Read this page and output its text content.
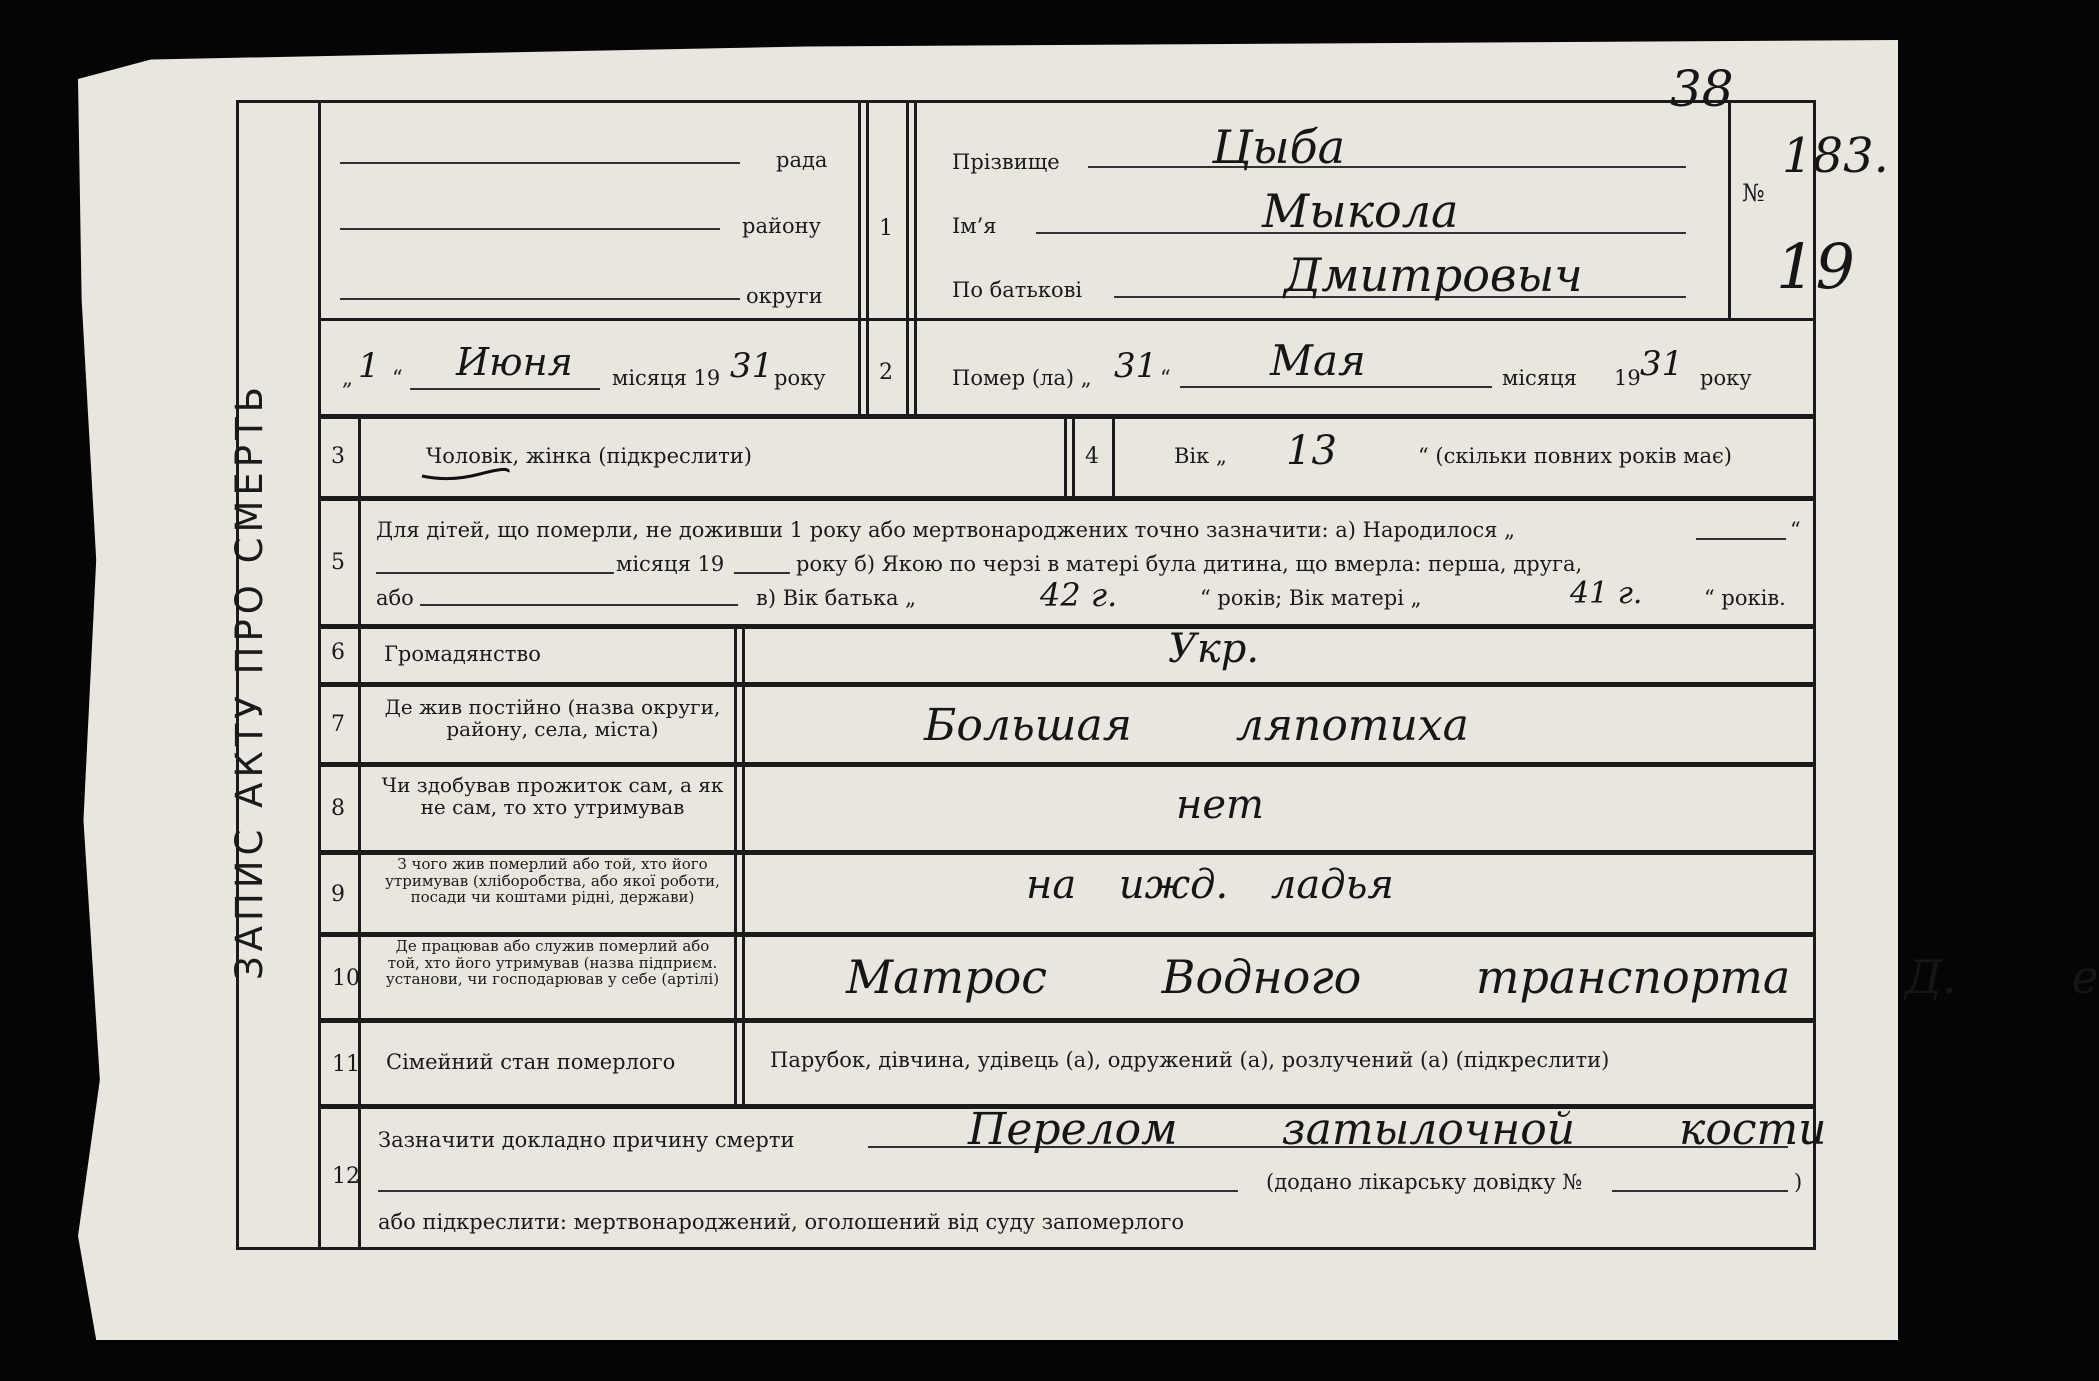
ЗАПИС АКТУ ПРО СМЕРТЬ
38
№
183.
19
рада
району
округи
„ 1 “ Июня місяця 19 31 року
1
Прізвище	Цыба
Ім’я	Мыкола
По батькові	Дмитровыч
2	Помер (ла) „ 31 “ Мая	місяця 19 31 року
3	Чоловік, жінка (підкреслити)	4	Вік „ 13	“ (скільки повних років має)
5
Для дітей, що померли, не доживши 1 року або мертвонароджених точно зазначити: а) Народилося „	“
місяця 19	року б) Якою по черзі в матері була дитина, що вмерла: перша, друга,
або	в) Вік батька „	42 г.	“ років; Вік матері „	41 г.	“ років.
6	Громадянство	Укр.
7
Де жив постійно (назва округи, району, села, міста)	Большая ляпотиха
8
Чи здобував прожиток сам, а як не сам, то хто утримував	нет
9
З чого жив померлий або той, хто його утримував (хліборобства, або якої роботи, посади чи коштами рідні, держави)	на ижд. ладья
10
Де працював або служив померлий або той, хто його утримував (назва підприєм. установи, чи господарював у себе (артілі)	Матрос Водного транспорта Д. е
11 Сімейний стан померлого	Парубок, дівчина, удівець (а), одружений (а), розлучений (а) (підкреслити)
12
Зазначити докладно причину смерти	Перелом затылочной кости
(додано лікарську довідку №	)
або підкреслити: мертвонароджений, оголошений від суду запомерлого
